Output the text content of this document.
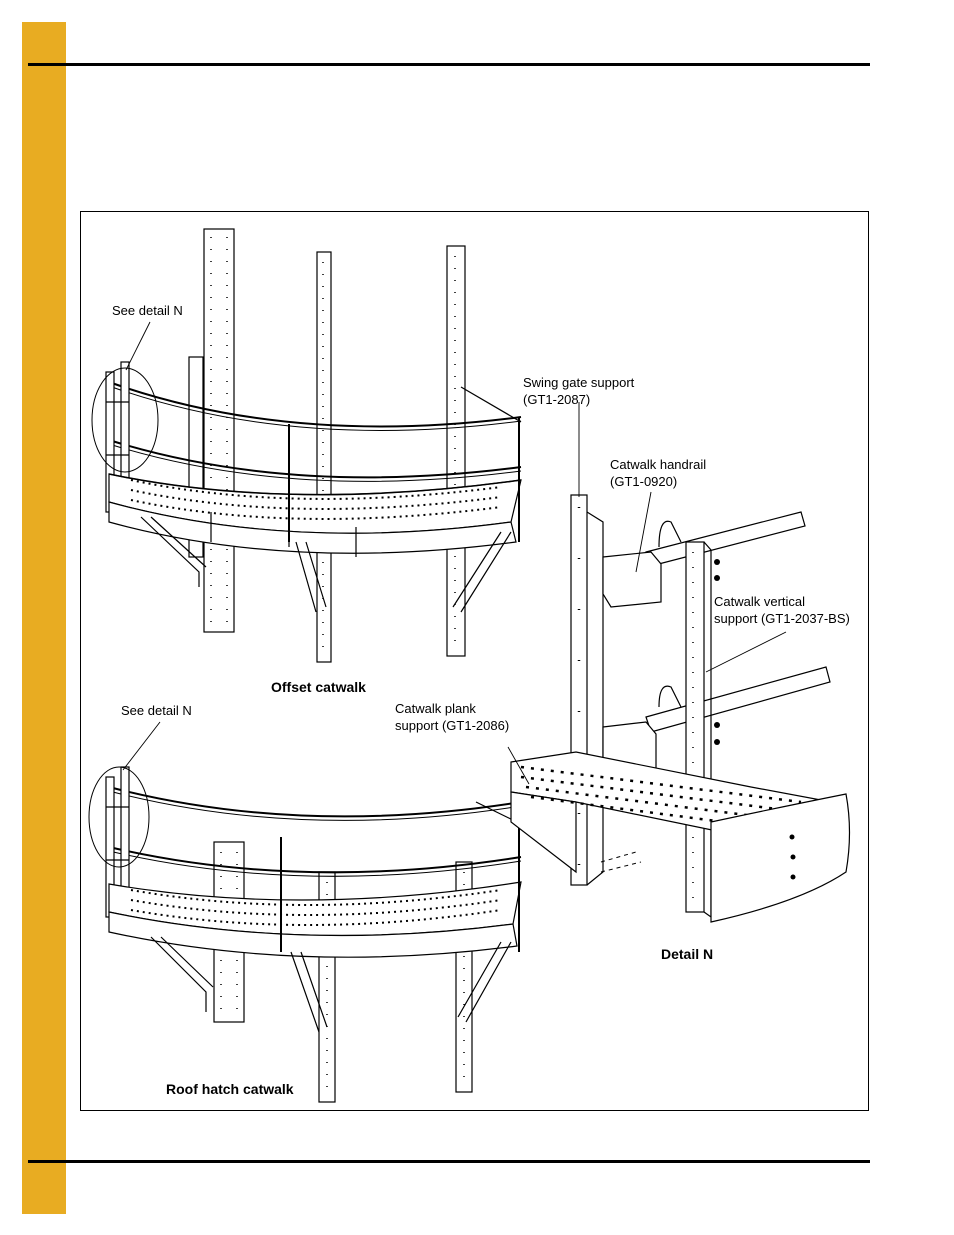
See detail N
See detail N
Swing gate support
(GT1-2087)
Catwalk handrail
(GT1-0920)
Catwalk vertical
support (GT1-2037-BS)
Catwalk plank
support (GT1-2086)
Offset catwalk
Roof hatch catwalk
Detail N
